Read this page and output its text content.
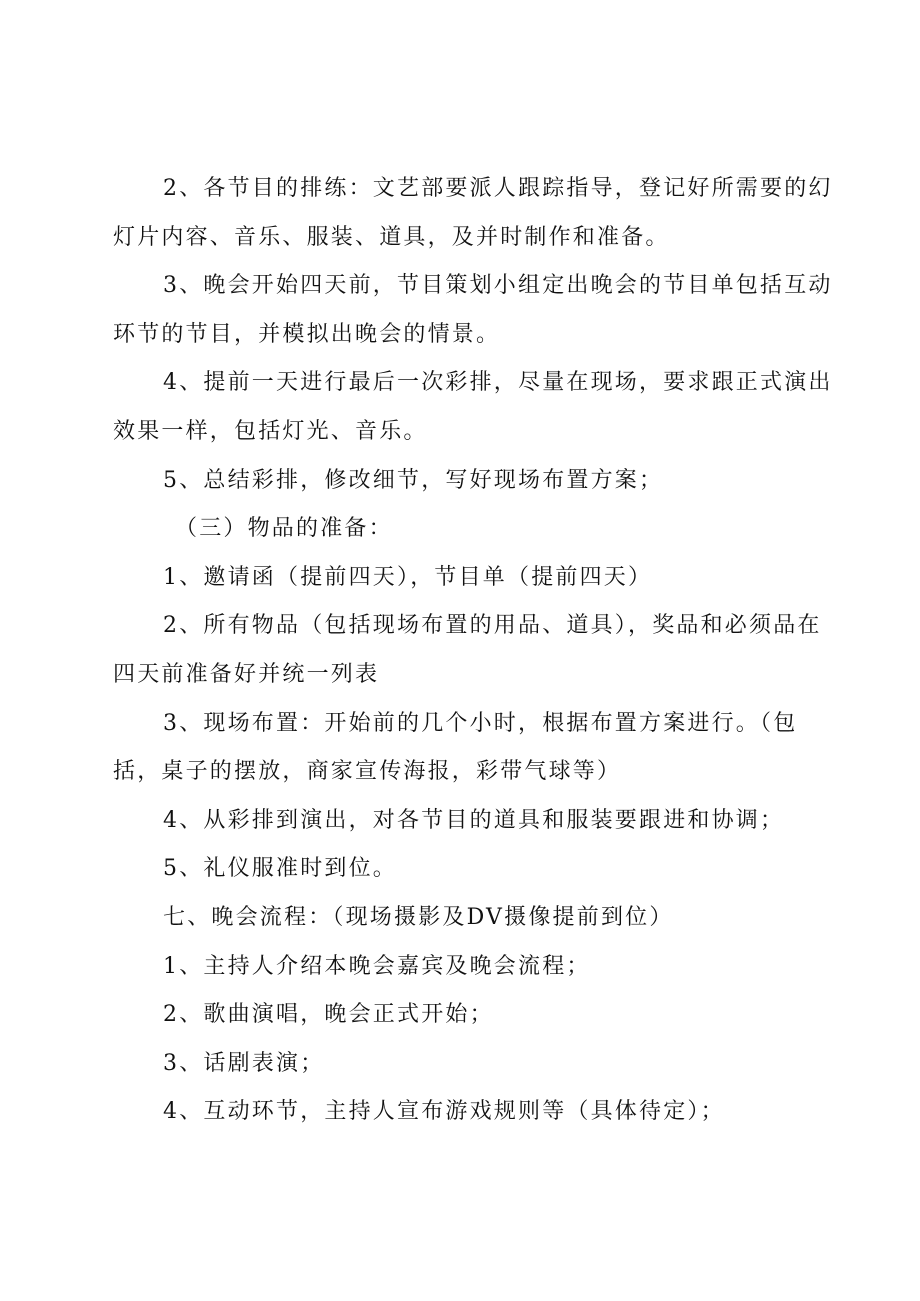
2、各节目的排练：文艺部要派人跟踪指导，登记好所需要的幻灯片内容、音乐、服装、道具，及并时制作和准备。

3、晚会开始四天前，节目策划小组定出晚会的节目单包括互动环节的节目，并模拟出晚会的情景。

4、提前一天进行最后一次彩排，尽量在现场，要求跟正式演出效果一样，包括灯光、音乐。

5、总结彩排，修改细节，写好现场布置方案；

（三）物品的准备：

1、邀请函（提前四天），节目单（提前四天）

2、所有物品（包括现场布置的用品、道具），奖品和必须品在四天前准备好并统一列表

3、现场布置：开始前的几个小时，根据布置方案进行。（包括，桌子的摆放，商家宣传海报，彩带气球等）

4、从彩排到演出，对各节目的道具和服装要跟进和协调；

5、礼仪服准时到位。

七、晚会流程：（现场摄影及DV摄像提前到位）

1、主持人介绍本晚会嘉宾及晚会流程；

2、歌曲演唱，晚会正式开始；

3、话剧表演；

4、互动环节，主持人宣布游戏规则等（具体待定）；
